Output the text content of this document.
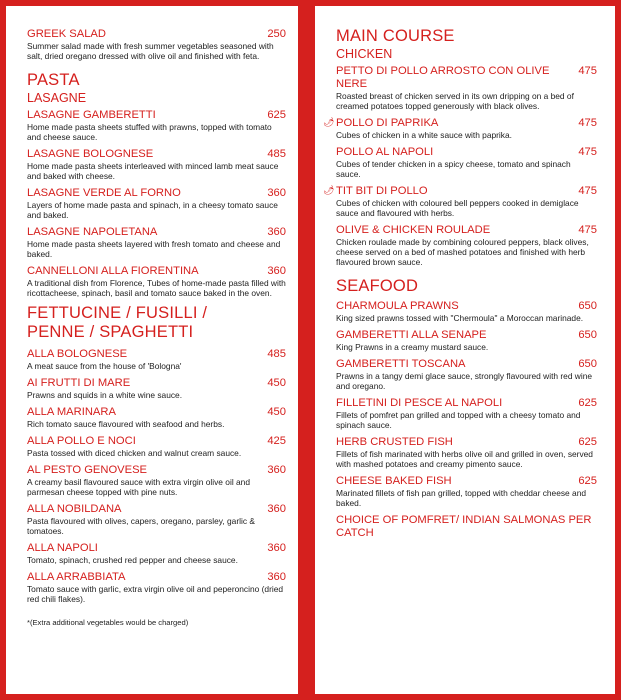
GREEK SALAD	250
Summer salad made with fresh summer vegetables seasoned with salt, dried oregano dressed with olive oil and finished with feta.
PASTA
LASAGNE
LASAGNE GAMBERETTI	625
Home made pasta sheets stuffed with prawns, topped with tomato and cheese sauce.
LASAGNE BOLOGNESE	485
Home made pasta sheets interleaved with minced lamb meat sauce and baked with cheese.
LASAGNE VERDE AL FORNO	360
Layers of home made pasta and spinach, in a cheesy tomato sauce and baked.
LASAGNE NAPOLETANA	360
Home made pasta sheets layered with fresh tomato and cheese and baked.
CANNELLONI ALLA FIORENTINA	360
A traditional dish from Florence, Tubes of home-made pasta filled with ricottacheese, spinach, basil and tomato sauce baked in the oven.
FETTUCINE / FUSILLI / PENNE / SPAGHETTI
ALLA BOLOGNESE	485
A meat sauce from the house of 'Bologna'
AI FRUTTI DI MARE	450
Prawns and squids in a white wine sauce.
ALLA MARINARA	450
Rich tomato sauce flavoured with seafood and herbs.
ALLA POLLO E NOCI	425
Pasta tossed with diced chicken and walnut cream sauce.
AL PESTO GENOVESE	360
A creamy basil flavoured sauce with extra virgin olive oil and parmesan cheese topped with pine nuts.
ALLA NOBILDANA	360
Pasta flavoured with olives, capers, oregano, parsley, garlic & tomatoes.
ALLA NAPOLI	360
Tomato, spinach, crushed red pepper and cheese sauce.
ALLA ARRABBIATA	360
Tomato sauce with garlic, extra virgin olive oil and peperoncino (dried red chili flakes).
*(Extra additional vegetables would be charged)
MAIN COURSE
CHICKEN
PETTO DI POLLO ARROSTO CON OLIVE NERE
475
Roasted breast of chicken served in its own dripping on a bed of creamed potatoes topped generously with black olives.
🌶 POLLO DI PAPRIKA	475
Cubes of chicken in a white sauce with paprika.
POLLO AL NAPOLI	475
Cubes of tender chicken in a spicy cheese, tomato and spinach sauce.
🌶 TIT BIT DI POLLO	475
Cubes of chicken with coloured bell peppers cooked in demiglace sauce and flavoured with herbs.
OLIVE & CHICKEN ROULADE	475
Chicken roulade made by combining coloured peppers, black olives, cheese served on a bed of mashed potatoes and finished with herb flavoured brown sauce.
SEAFOOD
CHARMOULA PRAWNS	650
King sized prawns tossed with "Chermoula" a Moroccan marinade.
GAMBERETTI ALLA SENAPE	650
King Prawns in a creamy mustard sauce.
GAMBERETTI TOSCANA	650
Prawns in a tangy demi glace sauce, strongly flavoured with red wine and oregano.
FILLETINI DI PESCE AL NAPOLI	625
Fillets of pomfret pan grilled and topped with a cheesy tomato and spinach sauce.
HERB CRUSTED FISH	625
Fillets of fish marinated with herbs olive oil and grilled in oven, served with mashed potatoes and creamy pimento sauce.
CHEESE BAKED FISH	625
Marinated fillets of fish pan grilled, topped with cheddar cheese and baked.
CHOICE OF POMFRET/ INDIAN SALMONAS PER CATCH
